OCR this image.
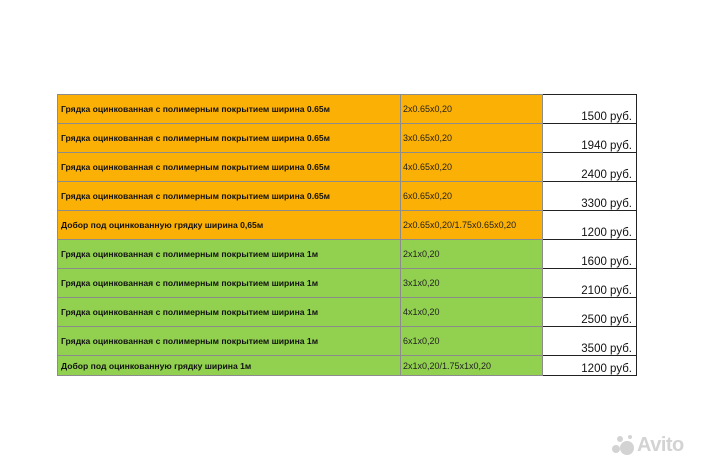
Грядка оцинкованная с полимерным покрытием ширина 0.65м	2x0.65x0,20	1500 руб.
Грядка оцинкованная с полимерным покрытием ширина 0.65м	3x0.65x0,20	1940 руб.
Грядка оцинкованная с полимерным покрытием ширина 0.65м	4x0.65x0,20	2400 руб.
Грядка оцинкованная с полимерным покрытием ширина 0.65м	6x0.65x0,20	3300 руб.
Добор под оцинкованную грядку ширина 0,65м	2x0.65x0,20/1.75x0.65x0,20	1200 руб.
Грядка оцинкованная с полимерным покрытием ширина 1м	2x1x0,20	1600 руб.
Грядка оцинкованная с полимерным покрытием ширина 1м	3x1x0,20	2100 руб.
Грядка оцинкованная с полимерным покрытием ширина 1м	4x1x0,20	2500 руб.
Грядка оцинкованная с полимерным покрытием ширина 1м	6x1x0,20	3500 руб.
Добор под оцинкованную грядку ширина 1м	2x1x0,20/1.75x1x0,20	1200 руб.
Avito
